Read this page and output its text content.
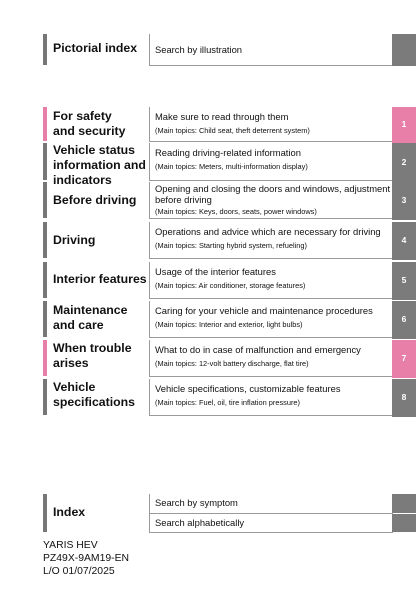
Pictorial index Search by illustration
For safety
and security
Make sure to read through them
(Main topics: Child seat, theft deterrent system)
1
Vehicle status
information and
indicators
Reading driving-related information
(Main topics: Meters, multi-information display)	2
Before driving
Opening and closing the doors and windows, adjustment before driving
(Main topics: Keys, doors, seats, power windows)
3
Driving
Operations and advice which are necessary for driving
(Main topics: Starting hybrid system, refueling)
4
Interior features
Usage of the interior features
(Main topics: Air conditioner, storage features)
5
Maintenance
and care
Caring for your vehicle and maintenance procedures
(Main topics: Interior and exterior, light bulbs)
6
When trouble
arises
What to do in case of malfunction and emergency
(Main topics: 12-volt battery discharge, flat tire)
7
Vehicle
specifications
Vehicle specifications, customizable features
(Main topics: Fuel, oil, tire inflation pressure)
8
Index
Search by symptom
Search alphabetically
YARIS HEV
PZ49X-9AM19-EN
L/O 01/07/2025
